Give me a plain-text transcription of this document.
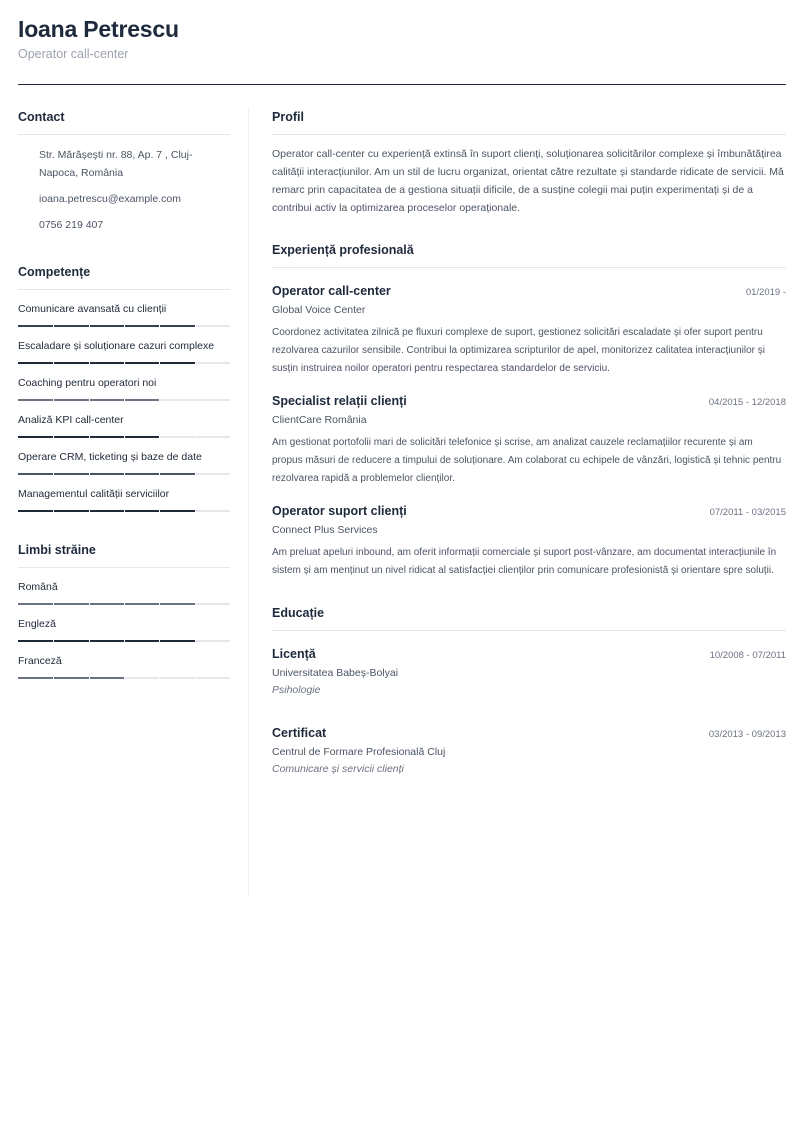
Ioana Petrescu
Operator call-center
Contact
Str. Mărășești nr. 88, Ap. 7 , Cluj-Napoca, România
ioana.petrescu@example.com
0756 219 407
Competențe
Comunicare avansată cu clienții
Escaladare și soluționare cazuri complexe
Coaching pentru operatori noi
Analiză KPI call-center
Operare CRM, ticketing și baze de date
Managementul calității serviciilor
Limbi străine
Română
Engleză
Franceză
Profil
Operator call-center cu experiență extinsă în suport clienți, soluționarea solicitărilor complexe și îmbunătățirea calității interacțiunilor. Am un stil de lucru organizat, orientat către rezultate și standarde ridicate de servicii. Mă remarc prin capacitatea de a gestiona situații dificile, de a susține colegii mai puțin experimentați și de a contribui activ la optimizarea proceselor operaționale.
Experiență profesională
Operator call-center	01/2019 -
Global Voice Center
Coordonez activitatea zilnică pe fluxuri complexe de suport, gestionez solicitări escaladate și ofer suport pentru rezolvarea cazurilor sensibile. Contribui la optimizarea scripturilor de apel, monitorizez calitatea interacțiunilor și susțin instruirea noilor operatori pentru respectarea standardelor de serviciu.
Specialist relații clienți	04/2015 - 12/2018
ClientCare România
Am gestionat portofolii mari de solicitări telefonice și scrise, am analizat cauzele reclamațiilor recurente și am propus măsuri de reducere a timpului de soluționare. Am colaborat cu echipele de vânzări, logistică și tehnic pentru rezolvarea rapidă a problemelor clienților.
Operator suport clienți	07/2011 - 03/2015
Connect Plus Services
Am preluat apeluri inbound, am oferit informații comerciale și suport post-vânzare, am documentat interacțiunile în sistem și am menținut un nivel ridicat al satisfacției clienților prin comunicare profesionistă și orientare spre soluții.
Educație
Licență	10/2008 - 07/2011
Universitatea Babeș-Bolyai
Psihologie
Certificat	03/2013 - 09/2013
Centrul de Formare Profesională Cluj
Comunicare și servicii clienți
